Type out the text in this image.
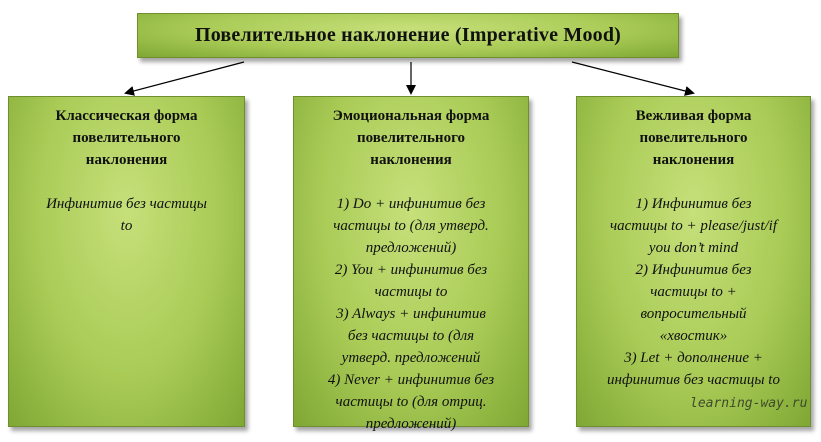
Повелительное наклонение (Imperative Mood)
Классическая форма
повелительного
наклонения
Инфинитив без частицы
to
Эмоциональная форма
повелительного
наклонения
1) Do + инфинитив без
частицы to (для утверд.
предложений)
2) You + инфинитив без
частицы to
3) Always + инфинитив
без частицы to (для
утверд. предложений
4) Never + инфинитив без
частицы to (для отриц.
предложений)
Вежливая форма
повелительного
наклонения
1) Инфинитив без
частицы to + please/just/if
you don’t mind
2) Инфинитив без
частицы to +
вопросительный
«хвостик»
3) Let + дополнение +
инфинитив без частицы to
learning-way.ru
